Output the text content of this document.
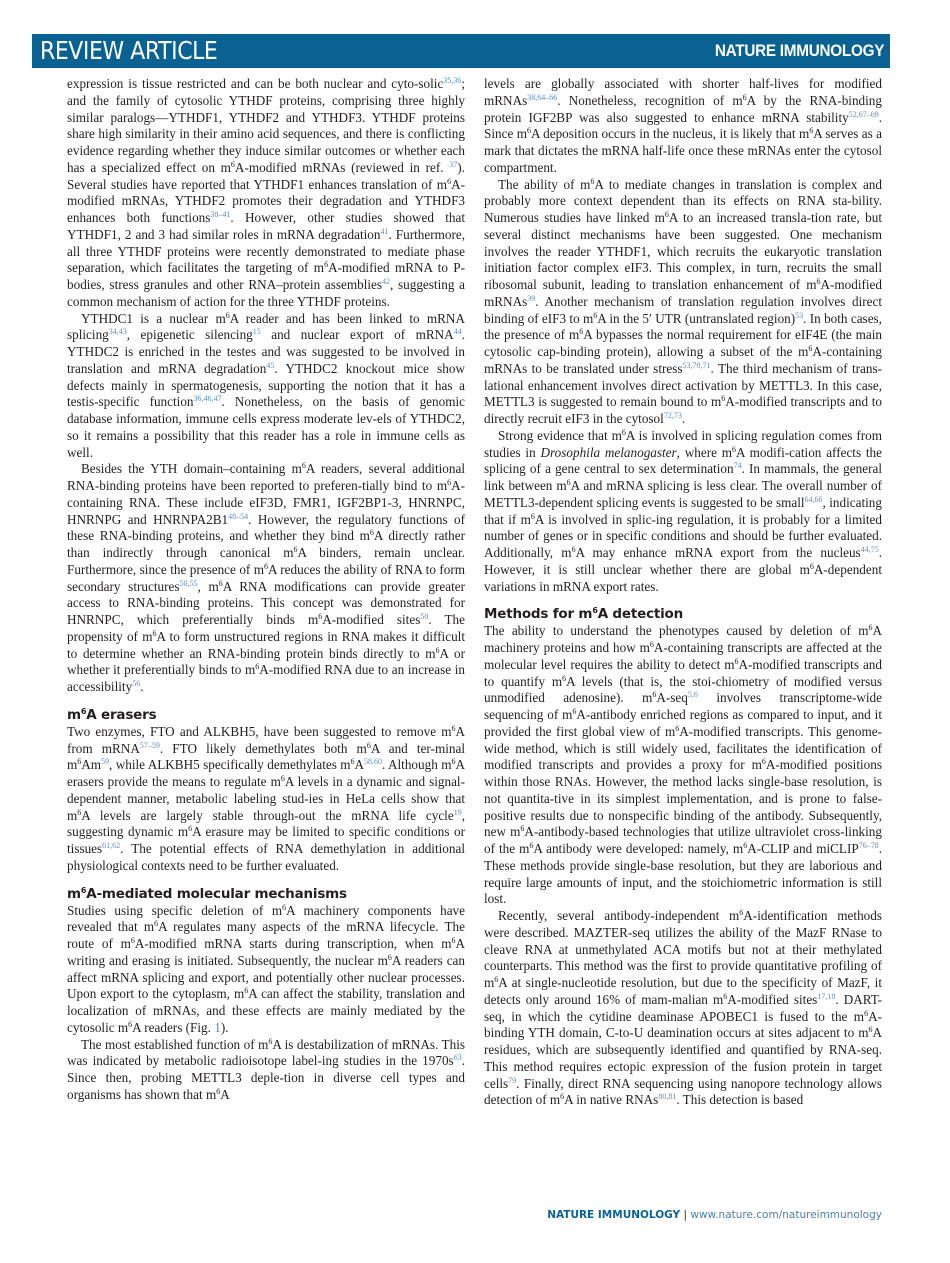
REVIEW ARTICLE	NATURE IMMUNOLOGY

expression is tissue restricted and can be both nuclear and cyto-solic$^{35,36}$; and the family of cytosolic YTHDF proteins, comprising three highly similar paralogs—YTHDF1, YTHDF2 and YTHDF3. YTHDF proteins share high similarity in their amino acid sequences, and there is conflicting evidence regarding whether they induce similar outcomes or whether each has a specialized effect on $m^6A$-modified mRNAs (reviewed in ref. $^{37}$). Several studies have reported that YTHDF1 enhances translation of $m^6A$-modified mRNAs, YTHDF2 promotes their degradation and YTHDF3 enhances both functions$^{38-41}$. However, other studies showed that YTHDF1, 2 and 3 had similar roles in mRNA degradation$^{41}$. Furthermore, all three YTHDF proteins were recently demonstrated to mediate phase separation, which facilitates the targeting of $m^6A$-modified mRNA to P-bodies, stress granules and other RNA–protein assemblies$^{42}$, suggesting a common mechanism of action for the three YTHDF proteins.

YTHDC1 is a nuclear $m^6A$ reader and has been linked to mRNA splicing$^{34,43}$, epigenetic silencing$^{15}$ and nuclear export of mRNA$^{44}$. YTHDC2 is enriched in the testes and was suggested to be involved in translation and mRNA degradation$^{45}$. YTHDC2 knockout mice show defects mainly in spermatogenesis, supporting the notion that it has a testis-specific function$^{36,46,47}$. Nonetheless, on the basis of genomic database information, immune cells express moderate lev-els of YTHDC2, so it remains a possibility that this reader has a role in immune cells as well.

Besides the YTH domain–containing $m^6A$ readers, several additional RNA-binding proteins have been reported to preferen-tially bind to $m^6A$-containing RNA. These include eIF3D, FMR1, IGF2BP1-3, HNRNPC, HNRNPG and HNRNPA2B1$^{48-54}$. However, the regulatory functions of these RNA-binding proteins, and whether they bind $m^6A$ directly rather than indirectly through canonical $m^6A$ binders, remain unclear. Furthermore, since the presence of $m^6A$ reduces the ability of RNA to form secondary structures$^{50,55}$, $m^6A$ RNA modifications can provide greater access to RNA-binding proteins. This concept was demonstrated for HNRNPC, which preferentially binds $m^6A$-modified sites$^{50}$. The propensity of $m^6A$ to form unstructured regions in RNA makes it difficult to determine whether an RNA-binding protein binds directly to $m^6A$ or whether it preferentially binds to $m^6A$-modified RNA due to an increase in accessibility$^{56}$.

$m^6A$ erasers

Two enzymes, FTO and ALKBH5, have been suggested to remove $m^6A$ from mRNA$^{57-59}$. FTO likely demethylates both $m^6A$ and ter-minal $m^6Am^{59}$, while ALKBH5 specifically demethylates $m^6A^{58,60}$. Although $m^6A$ erasers provide the means to regulate $m^6A$ levels in a dynamic and signal-dependent manner, metabolic labeling stud-ies in HeLa cells show that $m^6A$ levels are largely stable through-out the mRNA life cycle$^{19}$, suggesting dynamic $m^6A$ erasure may be limited to specific conditions or tissues$^{61,62}$. The potential effects of RNA demethylation in additional physiological contexts need to be further evaluated.

$m^6A$-mediated molecular mechanisms

Studies using specific deletion of $m^6A$ machinery components have revealed that $m^6A$ regulates many aspects of the mRNA lifecycle. The route of $m^6A$-modified mRNA starts during transcription, when $m^6A$ writing and erasing is initiated. Subsequently, the nuclear $m^6A$ readers can affect mRNA splicing and export, and potentially other nuclear processes. Upon export to the cytoplasm, $m^6A$ can affect the stability, translation and localization of mRNAs, and these effects are mainly mediated by the cytosolic $m^6A$ readers (Fig. 1).

The most established function of $m^6A$ is destabilization of mRNAs. This was indicated by metabolic radioisotope label-ing studies in the 1970s$^{63}$. Since then, probing METTL3 deple-tion in diverse cell types and organisms has shown that $m^6A$

levels are globally associated with shorter half-lives for modified mRNAs$^{38,64-66}$. Nonetheless, recognition of $m^6A$ by the RNA-binding protein IGF2BP was also suggested to enhance mRNA stability$^{52,67-69}$. Since $m^6A$ deposition occurs in the nucleus, it is likely that $m^6A$ serves as a mark that dictates the mRNA half-life once these mRNAs enter the cytosol compartment.

The ability of $m^6A$ to mediate changes in translation is complex and probably more context dependent than its effects on RNA sta-bility. Numerous studies have linked $m^6A$ to an increased transla-tion rate, but several distinct mechanisms have been suggested. One mechanism involves the reader YTHDF1, which recruits the eukaryotic translation initiation factor complex eIF3. This complex, in turn, recruits the small ribosomal subunit, leading to translation enhancement of $m^6A$-modified mRNAs$^{39}$. Another mechanism of translation regulation involves direct binding of eIF3 to $m^6A$ in the 5′ UTR (untranslated region)$^{53}$. In both cases, the presence of $m^6A$ bypasses the normal requirement for eIF4E (the main cytosolic cap-binding protein), allowing a subset of the $m^6A$-containing mRNAs to be translated under stress$^{53,70,71}$. The third mechanism of trans-lational enhancement involves direct activation by METTL3. In this case, METTL3 is suggested to remain bound to $m^6A$-modified transcripts and to directly recruit eIF3 in the cytosol$^{72,73}$.

Strong evidence that $m^6A$ is involved in splicing regulation comes from studies in Drosophila melanogaster, where $m^6A$ modifi-cation affects the splicing of a gene central to sex determination$^{74}$. In mammals, the general link between $m^6A$ and mRNA splicing is less clear. The overall number of METTL3-dependent splicing events is suggested to be small$^{64,66}$, indicating that if $m^6A$ is involved in splic-ing regulation, it is probably for a limited number of genes or in specific conditions and should be further evaluated. Additionally, $m^6A$ may enhance mRNA export from the nucleus$^{44,75}$. However, it is still unclear whether there are global $m^6A$-dependent variations in mRNA export rates.

Methods for $m^6A$ detection

The ability to understand the phenotypes caused by deletion of $m^6A$ machinery proteins and how $m^6A$-containing transcripts are affected at the molecular level requires the ability to detect $m^6A$-modified transcripts and to quantify $m^6A$ levels (that is, the stoi-chiometry of modified versus unmodified adenosine). $m^6A-seq^{5,6}$ involves transcriptome-wide sequencing of $m^6A$-antibody enriched regions as compared to input, and it provided the first global view of $m^6A$-modified transcripts. This genome-wide method, which is still widely used, facilitates the identification of modified transcripts and provides a proxy for $m^6A$-modified positions within those RNAs. However, the method lacks single-base resolution, is not quantita-tive in its simplest implementation, and is prone to false-positive results due to nonspecific binding of the antibody. Subsequently, new $m^6A-antibody$-based technologies that utilize ultraviolet cross-linking of the $m^6A$ antibody were developed: namely, $m^6A$-CLIP and miCLIP$^{76-78}$. These methods provide single-base resolution, but they are laborious and require large amounts of input, and the stoichiometric information is still lost.

Recently, several antibody-independent $m^6A$-identification methods were described. MAZTER-seq utilizes the ability of the MazF RNase to cleave RNA at unmethylated ACA motifs but not at their methylated counterparts. This method was the first to provide quantitative profiling of $m^6A$ at single-nucleotide resolution, but due to the specificity of MazF, it detects only around 16% of mam-malian $m^6A$-modified sites$^{17,18}$. DART-seq, in which the cytidine deaminase APOBEC1 is fused to the $m^6A$-binding YTH domain, C-to-U deamination occurs at sites adjacent to $m^6A$ residues, which are subsequently identified and quantified by RNA-seq. This method requires ectopic expression of the fusion protein in target cells$^{79}$. Finally, direct RNA sequencing using nanopore technology allows detection of $m^6A$ in native RNAs$^{80,81}$. This detection is based

NATURE IMMUNOLOGY | www.nature.com/natureimmunology
